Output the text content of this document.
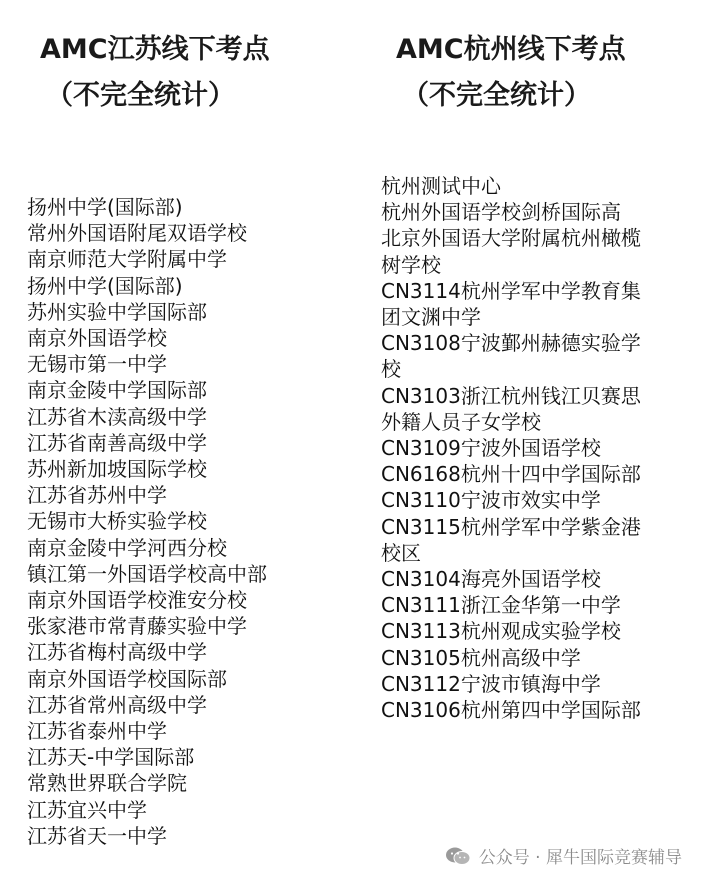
AMC江苏线下考点
（不完全统计）
AMC杭州线下考点
（不完全统计）
扬州中学(国际部)
常州外国语附尾双语学校
南京师范大学附属中学
扬州中学(国际部)
苏州实验中学国际部
南京外国语学校
无锡市第一中学
南京金陵中学国际部
江苏省木渎高级中学
江苏省南善高级中学
苏州新加坡国际学校
江苏省苏州中学
无锡市大桥实验学校
南京金陵中学河西分校
镇江第一外国语学校高中部
南京外国语学校淮安分校
张家港市常青藤实验中学
江苏省梅村高级中学
南京外国语学校国际部
江苏省常州高级中学
江苏省泰州中学
江苏天-中学国际部
常熟世界联合学院
江苏宜兴中学
江苏省天一中学
杭州测试中心
杭州外国语学校剑桥国际高
北京外国语大学附属杭州橄榄树学校
CN3114杭州学军中学教育集团文渊中学
CN3108宁波鄞州赫德实验学校
CN3103浙江杭州钱江贝赛思外籍人员子女学校
CN3109宁波外国语学校
CN6168杭州十四中学国际部
CN3110宁波市效实中学
CN3115杭州学军中学紫金港校区
CN3104海亮外国语学校
CN3111浙江金华第一中学
CN3113杭州观成实验学校
CN3105杭州高级中学
CN3112宁波市镇海中学
CN3106杭州第四中学国际部
公众号 · 犀牛国际竞赛辅导
